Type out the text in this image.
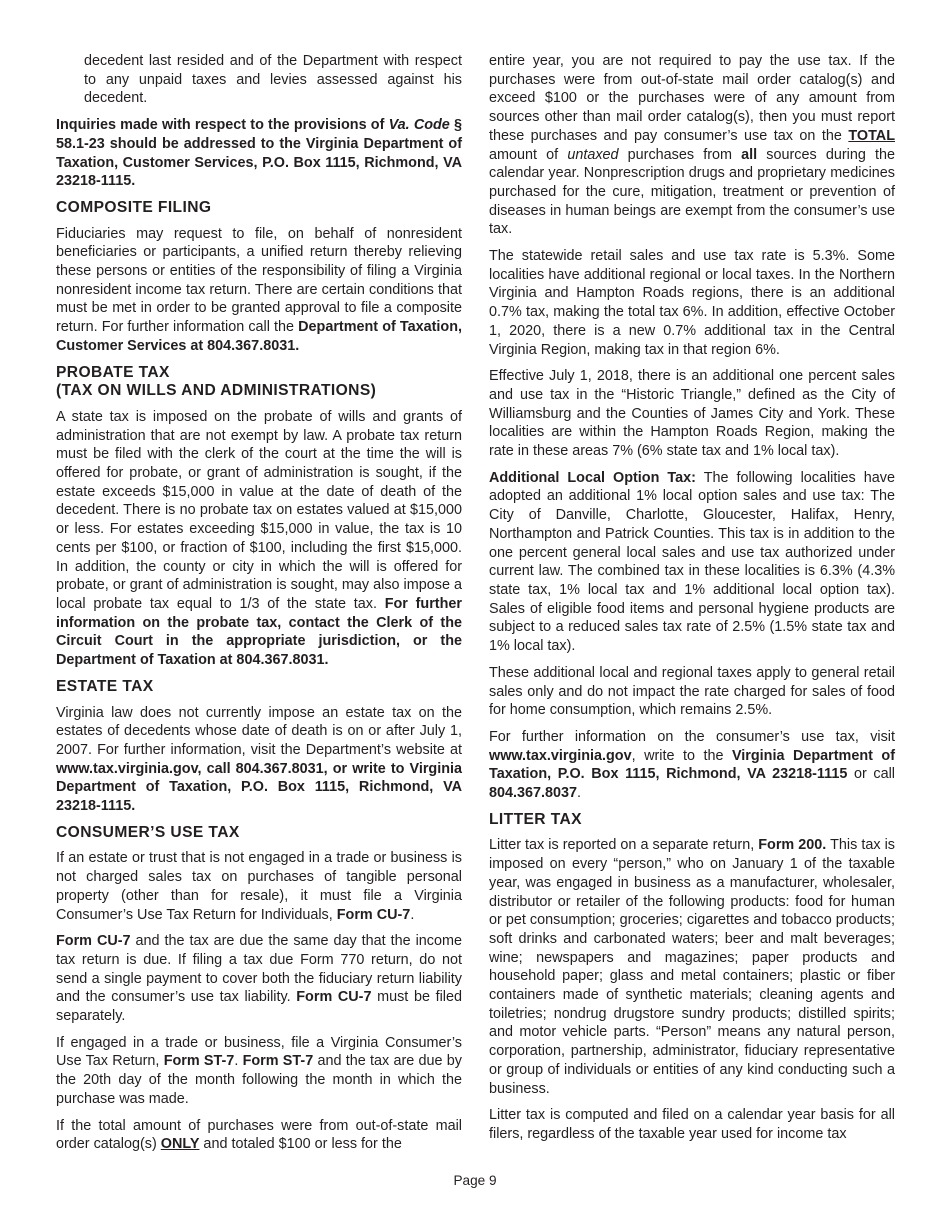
decedent last resided and of the Department with respect to any unpaid taxes and levies assessed against his decedent.

Inquiries made with respect to the provisions of Va. Code § 58.1-23 should be addressed to the Virginia Department of Taxation, Customer Services, P.O. Box 1115, Richmond, VA 23218-1115.

COMPOSITE FILING

Fiduciaries may request to file, on behalf of nonresident beneficiaries or participants, a unified return thereby relieving these persons or entities of the responsibility of filing a Virginia nonresident income tax return. There are certain conditions that must be met in order to be granted approval to file a composite return. For further information call the Department of Taxation, Customer Services at 804.367.8031.

PROBATE TAX
(TAX ON WILLS AND ADMINISTRATIONS)

A state tax is imposed on the probate of wills and grants of administration that are not exempt by law. A probate tax return must be filed with the clerk of the court at the time the will is offered for probate, or grant of administration is sought, if the estate exceeds $15,000 in value at the date of death of the decedent. There is no probate tax on estates valued at $15,000 or less. For estates exceeding $15,000 in value, the tax is 10 cents per $100, or fraction of $100, including the first $15,000. In addition, the county or city in which the will is offered for probate, or grant of administration is sought, may also impose a local probate tax equal to 1/3 of the state tax. For further information on the probate tax, contact the Clerk of the Circuit Court in the appropriate jurisdiction, or the Department of Taxation at 804.367.8031.

ESTATE TAX

Virginia law does not currently impose an estate tax on the estates of decedents whose date of death is on or after July 1, 2007. For further information, visit the Department’s website at www.tax.virginia.gov, call 804.367.8031, or write to Virginia Department of Taxation, P.O. Box 1115, Richmond, VA 23218-1115.

CONSUMER’S USE TAX

If an estate or trust that is not engaged in a trade or business is not charged sales tax on purchases of tangible personal property (other than for resale), it must file a Virginia Consumer’s Use Tax Return for Individuals, Form CU-7.

Form CU-7 and the tax are due the same day that the income tax return is due. If filing a tax due Form 770 return, do not send a single payment to cover both the fiduciary return liability and the consumer’s use tax liability. Form CU-7 must be filed separately.

If engaged in a trade or business, file a Virginia Consumer’s Use Tax Return, Form ST-7. Form ST-7 and the tax are due by the 20th day of the month following the month in which the purchase was made.

If the total amount of purchases were from out-of-state mail order catalog(s) ONLY and totaled $100 or less for the

entire year, you are not required to pay the use tax. If the purchases were from out-of-state mail order catalog(s) and exceed $100 or the purchases were of any amount from sources other than mail order catalog(s), then you must report these purchases and pay consumer’s use tax on the TOTAL amount of untaxed purchases from all sources during the calendar year. Nonprescription drugs and proprietary medicines purchased for the cure, mitigation, treatment or prevention of diseases in human beings are exempt from the consumer’s use tax.

The statewide retail sales and use tax rate is 5.3%. Some localities have additional regional or local taxes. In the Northern Virginia and Hampton Roads regions, there is an additional 0.7% tax, making the total tax 6%. In addition, effective October 1, 2020, there is a new 0.7% additional tax in the Central Virginia Region, making tax in that region 6%.

Effective July 1, 2018, there is an additional one percent sales and use tax in the “Historic Triangle,” defined as the City of Williamsburg and the Counties of James City and York. These localities are within the Hampton Roads Region, making the rate in these areas 7% (6% state tax and 1% local tax).

Additional Local Option Tax: The following localities have adopted an additional 1% local option sales and use tax: The City of Danville, Charlotte, Gloucester, Halifax, Henry, Northampton and Patrick Counties. This tax is in addition to the one percent general local sales and use tax authorized under current law. The combined tax in these localities is 6.3% (4.3% state tax, 1% local tax and 1% additional local option tax). Sales of eligible food items and personal hygiene products are subject to a reduced sales tax rate of 2.5% (1.5% state tax and 1% local tax).

These additional local and regional taxes apply to general retail sales only and do not impact the rate charged for sales of food for home consumption, which remains 2.5%.

For further information on the consumer’s use tax, visit www.tax.virginia.gov, write to the Virginia Department of Taxation, P.O. Box 1115, Richmond, VA 23218-1115 or call 804.367.8037.

LITTER TAX

Litter tax is reported on a separate return, Form 200. This tax is imposed on every “person,” who on January 1 of the taxable year, was engaged in business as a manufacturer, wholesaler, distributor or retailer of the following products: food for human or pet consumption; groceries; cigarettes and tobacco products; soft drinks and carbonated waters; beer and malt beverages; wine; newspapers and magazines; paper products and household paper; glass and metal containers; plastic or fiber containers made of synthetic materials; cleaning agents and toiletries; nondrug drugstore sundry products; distilled spirits; and motor vehicle parts. “Person” means any natural person, corporation, partnership, administrator, fiduciary representative or group of individuals or entities of any kind conducting such a business.

Litter tax is computed and filed on a calendar year basis for all filers, regardless of the taxable year used for income tax

Page 9
